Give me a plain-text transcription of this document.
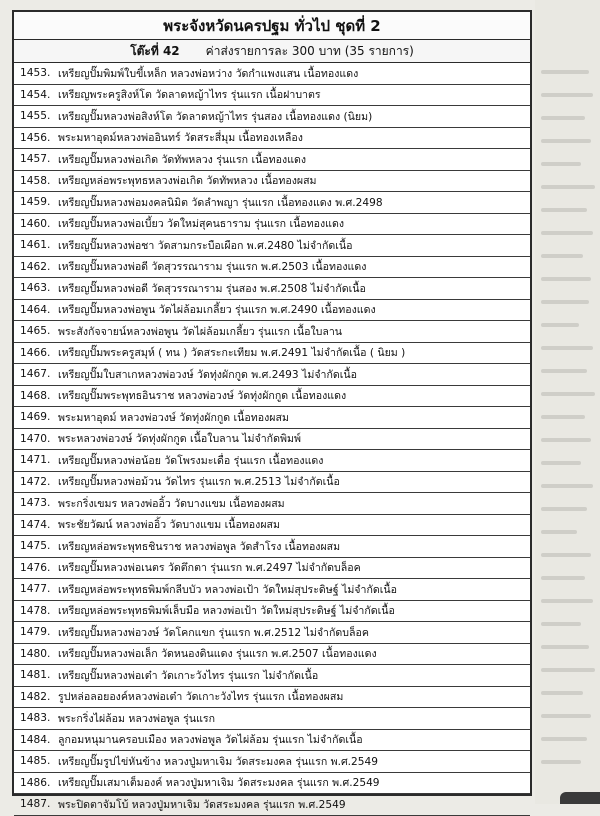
พระจังหวัดนครปฐม ทั่วไป ชุดที่ 2
โต๊ะที่ 42 ค่าส่งรายการละ 300 บาท (35 รายการ)
1453. เหรียญปั๊มพิมพ์ใบขี้เหล็ก หลวงพ่อหว่าง วัดกำแพงแสน เนื้อทองแดง
1454. เหรียญพระครูสิงห์โต วัดลาดหญ้าไทร รุ่นแรก เนื้อฝาบาตร
1455. เหรียญปั๊มหลวงพ่อสิงห์โต วัดลาดหญ้าไทร รุ่นสอง เนื้อทองแดง (นิยม)
1456. พระมหาอุดม์หลวงพ่ออินทร์ วัดสระสี่มุม เนื้อทองเหลือง
1457. เหรียญปั๊มหลวงพ่อเกิด วัดทัพหลวง รุ่นแรก เนื้อทองแดง
1458. เหรียญหล่อพระพุทธหลวงพ่อเกิด วัดทัพหลวง เนื้อทองผสม
1459. เหรียญปั๊มหลวงพ่อมงคลนิมิต วัดลำพญา รุ่นแรก เนื้อทองแดง พ.ศ.2498
1460. เหรียญปั๊มหลวงพ่อเบี้ยว วัดใหม่สุคนธาราม รุ่นแรก เนื้อทองแดง
1461. เหรียญปั๊มหลวงพ่อชา วัดสามกระบือเผือก พ.ศ.2480 ไม่จำกัดเนื้อ
1462. เหรียญปั๊มหลวงพ่อดี วัดสุวรรณาราม รุ่นแรก พ.ศ.2503 เนื้อทองแดง
1463. เหรียญปั๊มหลวงพ่อดี วัดสุวรรณาราม รุ่นสอง พ.ศ.2508 ไม่จำกัดเนื้อ
1464. เหรียญปั๊มหลวงพ่อพูน วัดไผ่ล้อมเกลี้ยว รุ่นแรก พ.ศ.2490 เนื้อทองแดง
1465. พระสังกัจจายน์หลวงพ่อพูน วัดไผ่ล้อมเกลี้ยว รุ่นแรก เนื้อใบลาน
1466. เหรียญปั๊มพระครูสมุห์ ( ทน ) วัดสระกะเทียม พ.ศ.2491 ไม่จำกัดเนื้อ ( นิยม )
1467. เหรียญปั๊มใบสาเกหลวงพ่อวงษ์ วัดทุ่งผักกูด พ.ศ.2493 ไม่จำกัดเนื้อ
1468. เหรียญปั๊มพระพุทธอินราช หลวงพ่อวงษ์ วัดทุ่งผักกูด เนื้อทองแดง
1469. พระมหาอุดม์ หลวงพ่อวงษ์ วัดทุ่งผักกูด เนื้อทองผสม
1470. พระหลวงพ่อวงษ์ วัดทุ่งผักกูด เนื้อใบลาน ไม่จำกัดพิมพ์
1471. เหรียญปั๊มหลวงพ่อน้อย วัดโพรงมะเดื่อ รุ่นแรก เนื้อทองแดง
1472. เหรียญปั๊มหลวงพ่อม้วน วัดไทร รุ่นแรก พ.ศ.2513 ไม่จำกัดเนื้อ
1473. พระกริ่งเขมร หลวงพ่ออิ้ว วัดบางแขม เนื้อทองผสม
1474. พระชัยวัฒน์ หลวงพ่ออิ้ว วัดบางแขม เนื้อทองผสม
1475. เหรียญหล่อพระพุทธชินราช หลวงพ่อพูล วัดสำโรง เนื้อทองผสม
1476. เหรียญปั๊มหลวงพ่อเนตร วัดตึกตา รุ่นแรก พ.ศ.2497 ไม่จำกัดบล็อค
1477. เหรียญหล่อพระพุทธพิมพ์กลีบบัว หลวงพ่อเป้า วัดใหม่สุประดิษฐ์ ไม่จำกัดเนื้อ
1478. เหรียญหล่อพระพุทธพิมพ์เล็บมือ หลวงพ่อเป้า วัดใหม่สุประดิษฐ์ ไม่จำกัดเนื้อ
1479. เหรียญปั๊มหลวงพ่อวงษ์ วัดโคกแขก รุ่นแรก พ.ศ.2512 ไม่จำกัดบล็อค
1480. เหรียญปั๊มหลวงพ่อเล็ก วัดหนองดินแดง รุ่นแรก พ.ศ.2507 เนื้อทองแดง
1481. เหรียญปั๊มหลวงพ่อเต๋า วัดเกาะวังไทร รุ่นแรก ไม่จำกัดเนื้อ
1482. รูปหล่อลอยองค์หลวงพ่อเต๋า วัดเกาะวังไทร รุ่นแรก เนื้อทองผสม
1483. พระกริ่งไผ่ล้อม หลวงพ่อพูล รุ่นแรก
1484. ลูกอมหนุมานครอบเมือง หลวงพ่อพูล วัดไผ่ล้อม รุ่นแรก ไม่จำกัดเนื้อ
1485. เหรียญปั๊มรูปไข่หันข้าง หลวงปู่มหาเจิม วัดสระมงคล รุ่นแรก พ.ศ.2549
1486. เหรียญปั๊มเสมาเต็มองค์ หลวงปู่มหาเจิม วัดสระมงคล รุ่นแรก พ.ศ.2549
1487. พระปิดตาจัมโบ้ หลวงปู่มหาเจิม วัดสระมงคล รุ่นแรก พ.ศ.2549
